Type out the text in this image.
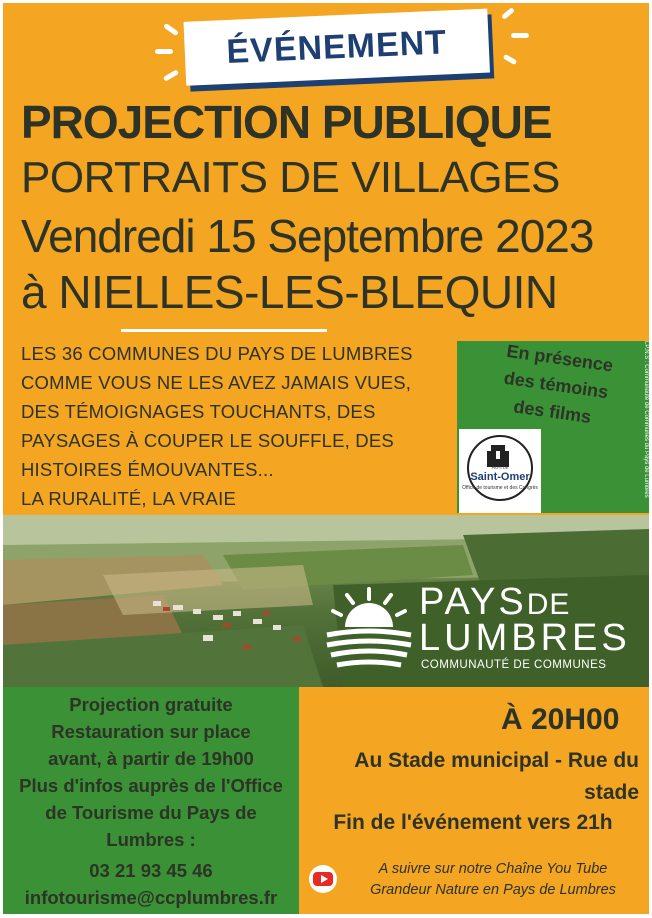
ÉVÉNEMENT
PROJECTION PUBLIQUE
PORTRAITS DE VILLAGES
Vendredi 15 Septembre 2023
à NIELLES-LES-BLEQUIN
LES 36 COMMUNES DU PAYS DE LUMBRES
COMME VOUS NE LES AVEZ JAMAIS VUES,
DES TÉMOIGNAGES TOUCHANTS, DES
PAYSAGES À COUPER LE SOUFFLE, DES
HISTOIRES ÉMOUVANTES...
LA RURALITÉ, LA VRAIE
En présence
des témoins
des films
PAYS DE
Saint-Omer
Office de tourisme et des Congrès	LP.N.S : Communauté de Communes du Pays de Lumbres
PAYSDE
LUMBRES
COMMUNAUTÉ DE COMMUNES
Projection gratuite
Restauration sur place
avant, à partir de 19h00
Plus d'infos auprès de l'Office
de Tourisme du Pays de
Lumbres :
03 21 93 45 46
infotourisme@ccplumbres.fr
À 20H00
Au Stade municipal - Rue du
stade
Fin de l'événement vers 21h
A suivre sur notre Chaîne You Tube
Grandeur Nature en Pays de Lumbres
